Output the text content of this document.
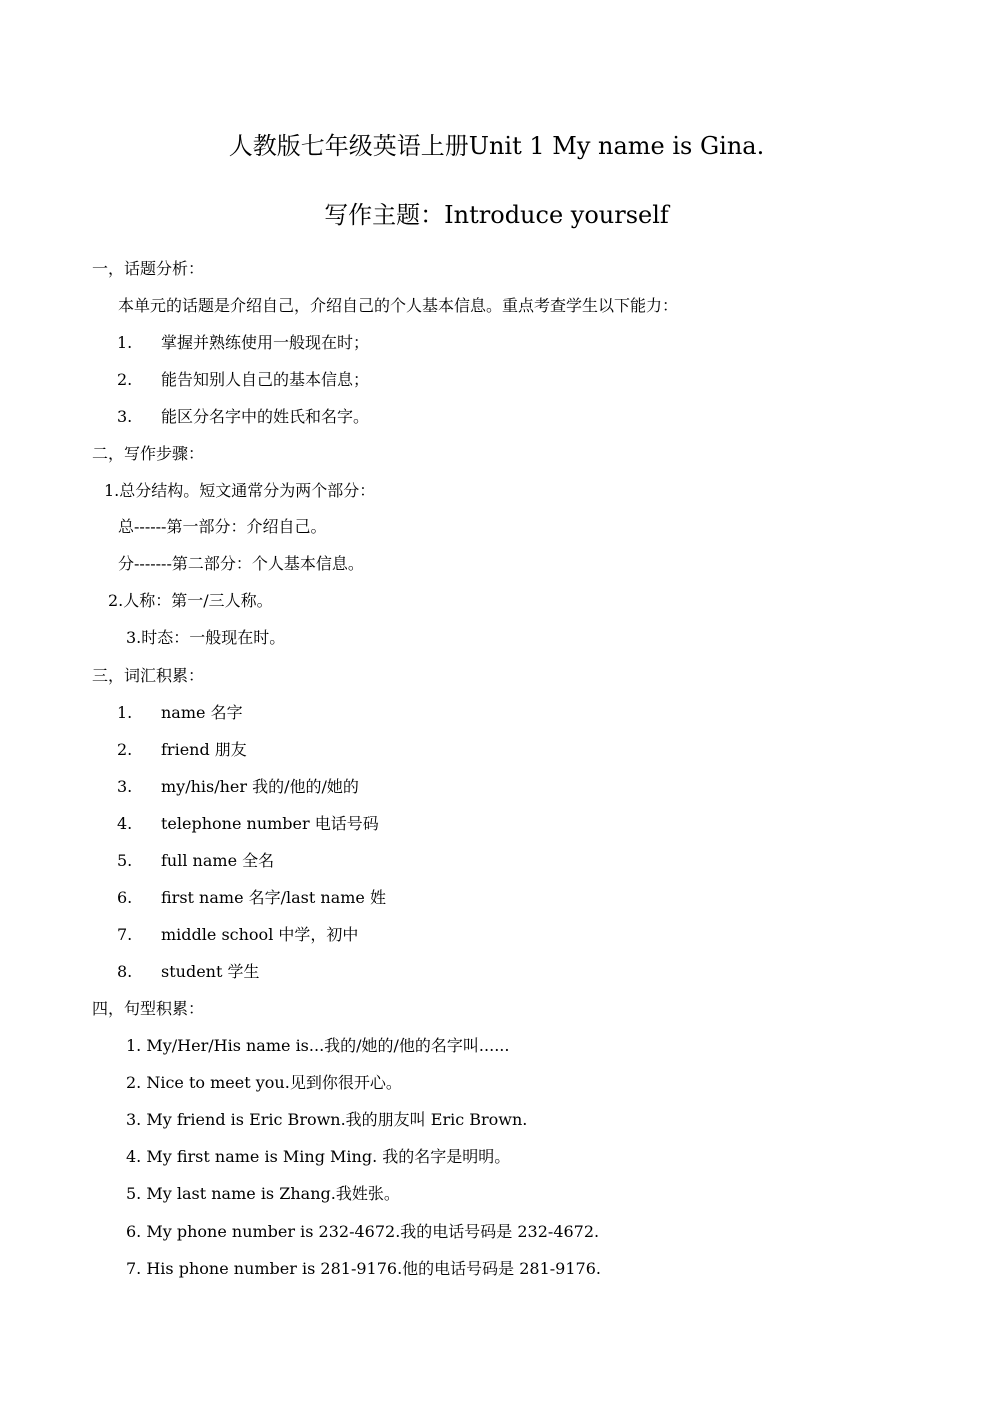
人教版七年级英语上册Unit 1 My name is Gina.
写作主题：Introduce yourself
一，话题分析：
本单元的话题是介绍自己，介绍自己的个人基本信息。重点考查学生以下能力：
1. 掌握并熟练使用一般现在时；
2. 能告知别人自己的基本信息；
3. 能区分名字中的姓氏和名字。
二，写作步骤：
1.总分结构。短文通常分为两个部分：
总------第一部分：介绍自己。
分-------第二部分：个人基本信息。
2.人称：第一/三人称。
3.时态：一般现在时。
三，词汇积累：
1. name 名字
2. friend 朋友
3. my/his/her 我的/他的/她的
4. telephone number 电话号码
5. full name 全名
6. first name 名字/last name 姓
7. middle school 中学，初中
8. student 学生
四，句型积累：
1. My/Her/His name is...我的/她的/他的名字叫......
2. Nice to meet you.见到你很开心。
3. My friend is Eric Brown.我的朋友叫 Eric Brown.
4. My first name is Ming Ming. 我的名字是明明。
5. My last name is Zhang.我姓张。
6. My phone number is 232-4672.我的电话号码是 232-4672.
7. His phone number is 281-9176.他的电话号码是 281-9176.
